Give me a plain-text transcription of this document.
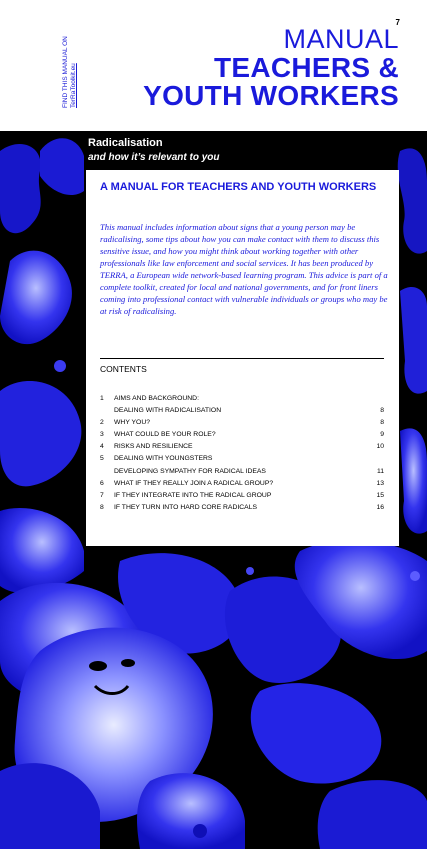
FIND THIS MANUAL ON TerRaToolkit.eu
7
MANUAL
TEACHERS &
YOUTH WORKERS
Radicalisation
and how it’s relevant to you
A MANUAL FOR TEACHERS AND YOUTH WORKERS
This manual includes information about signs that a young person may be radicalising, some tips about how you can make contact with them to discuss this sensitive issue, and how you might think about working together with other professionals like law enforcement and social services. It has been produced by TERRA, a European wide network-based learning program. This advice is part of a complete toolkit, created for local and national governments, and for front liners coming into professional contact with vulnerable individuals or groups who may be at risk of radicalising.
CONTENTS
1 AIMS AND BACKGROUND:
DEALING WITH RADICALISATION	8
2 WHY YOU?	8
3 WHAT COULD BE YOUR ROLE?	9
4 RISKS AND RESILIENCE	10
5 DEALING WITH YOUNGSTERS
DEVELOPING SYMPATHY FOR RADICAL IDEAS	11
6 WHAT IF THEY REALLY JOIN A RADICAL GROUP?	13
7 IF THEY INTEGRATE INTO THE RADICAL GROUP	15
8 IF THEY TURN INTO HARD CORE RADICALS	16
